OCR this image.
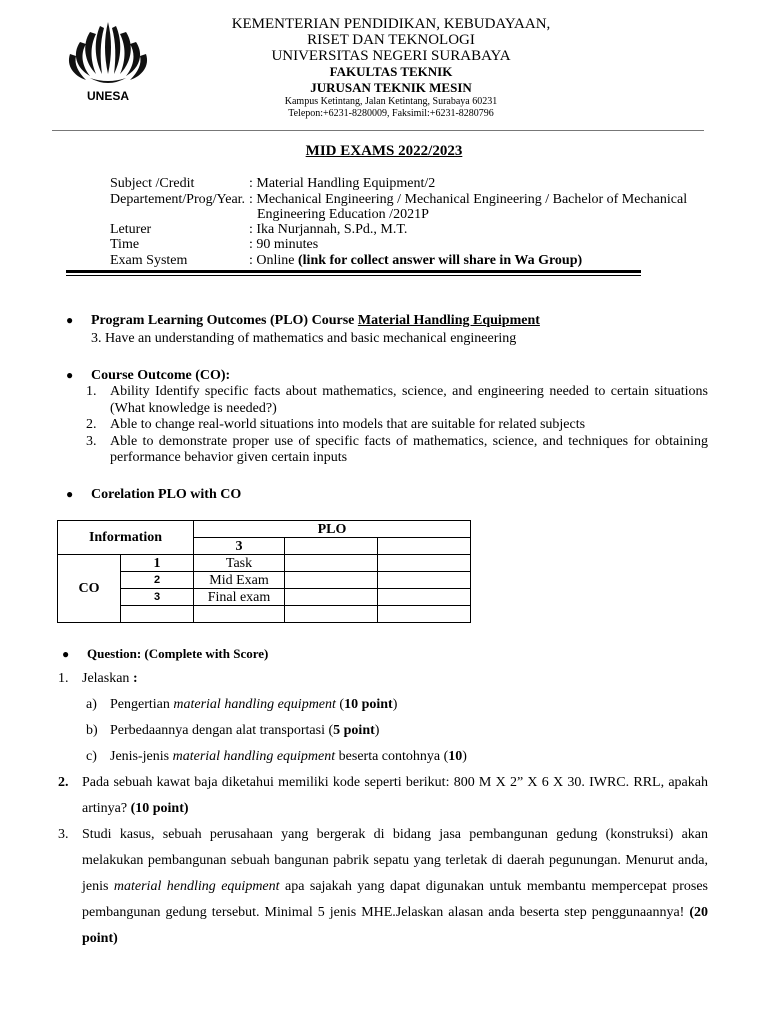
UNESA
KEMENTERIAN PENDIDIKAN, KEBUDAYAAN,
RISET DAN TEKNOLOGI
UNIVERSITAS NEGERI SURABAYA
FAKULTAS TEKNIK
JURUSAN TEKNIK MESIN
Kampus Ketintang, Jalan Ketintang, Surabaya 60231
Telepon:+6231-8280009, Faksimil:+6231-8280796
MID EXAMS 2022/2023
Subject /Credit	: Material Handling Equipment/2
Departement/Prog/Year. : Mechanical Engineering / Mechanical Engineering / Bachelor of Mechanical
Engineering Education /2021P
Leturer	: Ika Nurjannah, S.Pd., M.T.
Time	: 90 minutes
Exam System	: Online (link for collect answer will share in Wa Group)
● Program Learning Outcomes (PLO) Course Material Handling Equipment
3. Have an understanding of mathematics and basic mechanical engineering
● Course Outcome (CO):
1. Ability Identify specific facts about mathematics, science, and engineering needed to certain situations (What knowledge is needed?)
2. Able to change real-world situations into models that are suitable for related subjects
3. Able to demonstrate proper use of specific facts of mathematics, science, and techniques for obtaining performance behavior given certain inputs
● Corelation PLO with CO
Information		PLO		
		3		
CO	1	Task		
	2	Mid Exam		
	3	Final exam		

● Question: (Complete with Score)
1. Jelaskan :
a) Pengertian material handling equipment (10 point)
b) Perbedaannya dengan alat transportasi (5 point)
c) Jenis-jenis material handling equipment beserta contohnya (10)
2. Pada sebuah kawat baja diketahui memiliki kode seperti berikut: 800 M X 2” X 6 X 30. IWRC. RRL, apakah artinya? (10 point)
3. Studi kasus, sebuah perusahaan yang bergerak di bidang jasa pembangunan gedung (konstruksi) akan melakukan pembangunan sebuah bangunan pabrik sepatu yang terletak di daerah pegunungan. Menurut anda, jenis material hendling equipment apa sajakah yang dapat digunakan untuk membantu mempercepat proses pembangunan gedung tersebut. Minimal 5 jenis MHE.Jelaskan alasan anda beserta step penggunaannya! (20 point)
